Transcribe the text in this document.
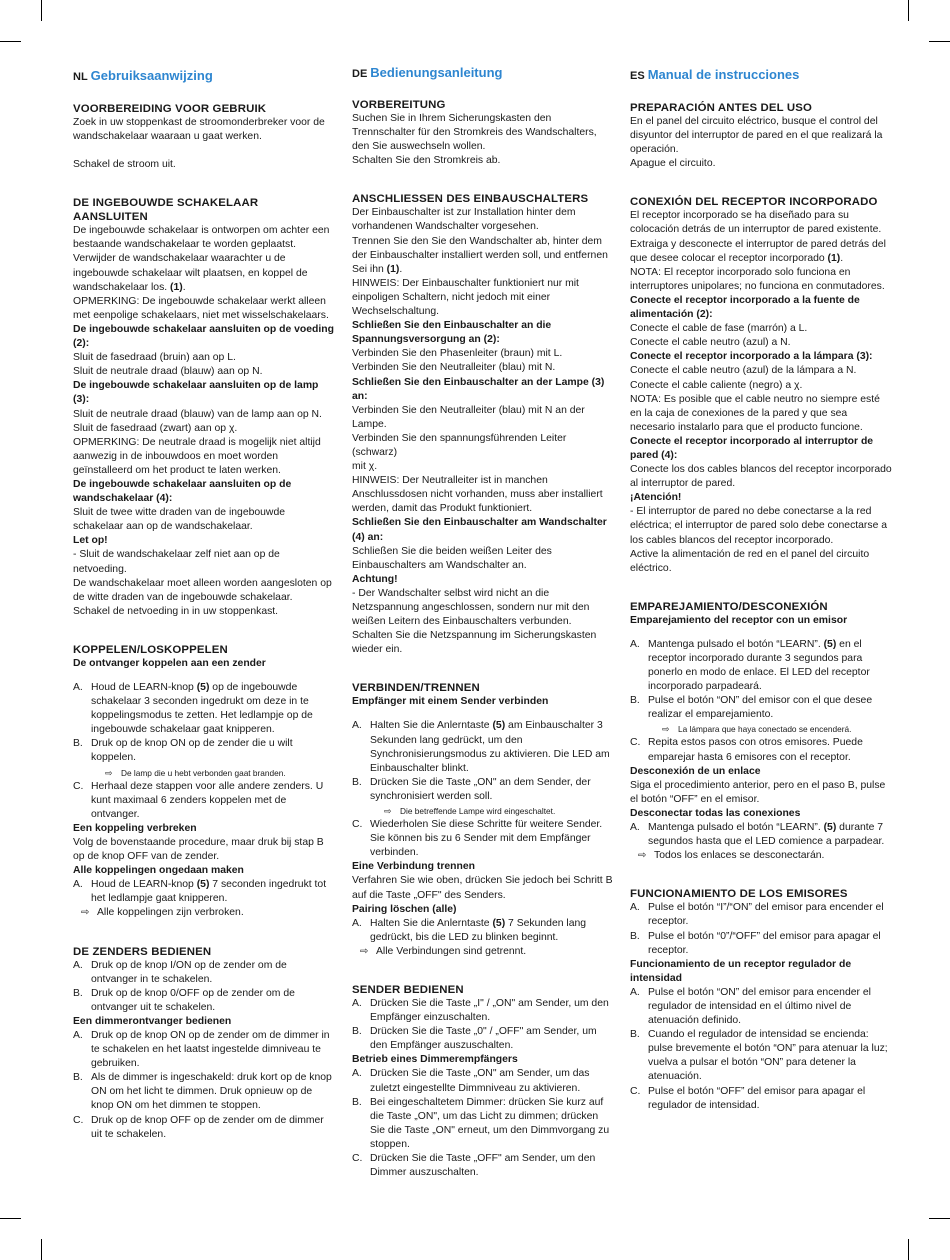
NL Gebruiksaanwijzing

VOORBEREIDING VOOR GEBRUIK

Zoek in uw stoppenkast de stroomonderbreker voor de

wandschakelaar waaraan u gaat werken.

Schakel de stroom uit.

DE INGEBOUWDE SCHAKELAAR AANSLUITEN

De ingebouwde schakelaar is ontworpen om achter een

bestaande wandschakelaar te worden geplaatst.

Verwijder de wandschakelaar waarachter u de

ingebouwde schakelaar wilt plaatsen, en koppel de

wandschakelaar los. (1).

OPMERKING: De ingebouwde schakelaar werkt alleen

met eenpolige schakelaars, niet met wisselschakelaars.

De ingebouwde schakelaar aansluiten op de voeding

(2):

Sluit de fasedraad (bruin) aan op L.

Sluit de neutrale draad (blauw) aan op N.

De ingebouwde schakelaar aansluiten op de lamp

(3):

Sluit de neutrale draad (blauw) van de lamp aan op N.

Sluit de fasedraad (zwart) aan op χ.

OPMERKING: De neutrale draad is mogelijk niet altijd

aanwezig in de inbouwdoos en moet worden

geïnstalleerd om het product te laten werken.

De ingebouwde schakelaar aansluiten op de

wandschakelaar (4):

Sluit de twee witte draden van de ingebouwde

schakelaar aan op de wandschakelaar.

Let op!

- Sluit de wandschakelaar zelf niet aan op de netvoeding.

De wandschakelaar moet alleen worden aangesloten op

de witte draden van de ingebouwde schakelaar.

Schakel de netvoeding in in uw stoppenkast.

KOPPELEN/LOSKOPPELEN

De ontvanger koppelen aan een zender

A. Houd de LEARN-knop (5) op de ingebouwde

schakelaar 3 seconden ingedrukt om deze in te

koppelingsmodus te zetten. Het ledlampje op de

ingebouwde schakelaar gaat knipperen.

B. Druk op de knop ON op de zender die u wilt

koppelen.

⇨ De lamp die u hebt verbonden gaat branden.
C. Herhaal deze stappen voor alle andere zenders. U

kunt maximaal 6 zenders koppelen met de

ontvanger.

Een koppeling verbreken

Volg de bovenstaande procedure, maar druk bij stap B

op de knop OFF van de zender.

Alle koppelingen ongedaan maken

A. Houd de LEARN-knop (5) 7 seconden ingedrukt tot

het ledlampje gaat knipperen.

⇨ Alle koppelingen zijn verbroken.

DE ZENDERS BEDIENEN

A. Druk op de knop I/ON op de zender om de

ontvanger in te schakelen.

B. Druk op de knop 0/OFF op de zender om de

ontvanger uit te schakelen.

Een dimmerontvanger bedienen

A. Druk op de knop ON op de zender om de dimmer in

te schakelen en het laatst ingestelde dimniveau te

gebruiken.

B. Als de dimmer is ingeschakeld: druk kort op de knop

ON om het licht te dimmen. Druk opnieuw op de

knop ON om het dimmen te stoppen.

C. Druk op de knop OFF op de zender om de dimmer

uit te schakelen.

DE Bedienungsanleitung

VORBEREITUNG

Suchen Sie in Ihrem Sicherungskasten den

Trennschalter für den Stromkreis des Wandschalters,

den Sie auswechseln wollen.

Schalten Sie den Stromkreis ab.

ANSCHLIESSEN DES EINBAUSCHALTERS

Der Einbauschalter ist zur Installation hinter dem

vorhandenen Wandschalter vorgesehen.

Trennen Sie den Sie den Wandschalter ab, hinter dem

der Einbauschalter installiert werden soll, und entfernen

Sei ihn (1).

HINWEIS: Der Einbauschalter funktioniert nur mit

einpoligen Schaltern, nicht jedoch mit einer

Wechselschaltung.

Schließen Sie den Einbauschalter an die

Spannungsversorgung an (2):

Verbinden Sie den Phasenleiter (braun) mit L.

Verbinden Sie den Neutralleiter (blau) mit N.

Schließen Sie den Einbauschalter an der Lampe (3)

an:

Verbinden Sie den Neutralleiter (blau) mit N an der

Lampe.

Verbinden Sie den spannungsführenden Leiter (schwarz)

mit χ.

HINWEIS: Der Neutralleiter ist in manchen

Anschlussdosen nicht vorhanden, muss aber installiert

werden, damit das Produkt funktioniert.

Schließen Sie den Einbauschalter am Wandschalter

(4) an:

Schließen Sie die beiden weißen Leiter des

Einbauschalters am Wandschalter an.

Achtung!

- Der Wandschalter selbst wird nicht an die

Netzspannung angeschlossen, sondern nur mit den

weißen Leitern des Einbauschalters verbunden.

Schalten Sie die Netzspannung im Sicherungskasten

wieder ein.

VERBINDEN/TRENNEN

Empfänger mit einem Sender verbinden

A. Halten Sie die Anlerntaste (5) am Einbauschalter 3

Sekunden lang gedrückt, um den

Synchronisierungsmodus zu aktivieren. Die LED am

Einbauschalter blinkt.

B. Drücken Sie die Taste „ON" an dem Sender, der

synchronisiert werden soll.

⇨ Die betreffende Lampe wird eingeschaltet.
C. Wiederholen Sie diese Schritte für weitere Sender.

Sie können bis zu 6 Sender mit dem Empfänger

verbinden.

Eine Verbindung trennen

Verfahren Sie wie oben, drücken Sie jedoch bei Schritt B

auf die Taste „OFF" des Senders.

Pairing löschen (alle)

A. Halten Sie die Anlerntaste (5) 7 Sekunden lang

gedrückt, bis die LED zu blinken beginnt.

⇨ Alle Verbindungen sind getrennt.

SENDER BEDIENEN

A. Drücken Sie die Taste „I" / „ON" am Sender, um den

Empfänger einzuschalten.

B. Drücken Sie die Taste „0" / „OFF" am Sender, um

den Empfänger auszuschalten.

Betrieb eines Dimmerempfängers

A. Drücken Sie die Taste „ON" am Sender, um das

zuletzt eingestellte Dimmniveau zu aktivieren.

B. Bei eingeschaltetem Dimmer: drücken Sie kurz auf

die Taste „ON", um das Licht zu dimmen; drücken

Sie die Taste „ON" erneut, um den Dimmvorgang zu

stoppen.

C. Drücken Sie die Taste „OFF" am Sender, um den

Dimmer auszuschalten.

ES Manual de instrucciones

PREPARACIÓN ANTES DEL USO

En el panel del circuito eléctrico, busque el control del

disyuntor del interruptor de pared en el que realizará la

operación.

Apague el circuito.

CONEXIÓN DEL RECEPTOR INCORPORADO

El receptor incorporado se ha diseñado para su

colocación detrás de un interruptor de pared existente.

Extraiga y desconecte el interruptor de pared detrás del

que desee colocar el receptor incorporado (1).

NOTA: El receptor incorporado solo funciona en

interruptores unipolares; no funciona en conmutadores.

Conecte el receptor incorporado a la fuente de

alimentación (2):

Conecte el cable de fase (marrón) a L.

Conecte el cable neutro (azul) a N.

Conecte el receptor incorporado a la lámpara (3):

Conecte el cable neutro (azul) de la lámpara a N.

Conecte el cable caliente (negro) a χ.

NOTA: Es posible que el cable neutro no siempre esté

en la caja de conexiones de la pared y que sea

necesario instalarlo para que el producto funcione.

Conecte el receptor incorporado al interruptor de

pared (4):

Conecte los dos cables blancos del receptor incorporado

al interruptor de pared.

¡Atención!

- El interruptor de pared no debe conectarse a la red

eléctrica; el interruptor de pared solo debe conectarse a

los cables blancos del receptor incorporado.

Active la alimentación de red en el panel del circuito

eléctrico.

EMPAREJAMIENTO/DESCONEXIÓN

Emparejamiento del receptor con un emisor

A. Mantenga pulsado el botón “LEARN”. (5) en el

receptor incorporado durante 3 segundos para

ponerlo en modo de enlace. El LED del receptor

incorporado parpadeará.

B. Pulse el botón “ON” del emisor con el que desee

realizar el emparejamiento.

⇨ La lámpara que haya conectado se encenderá.
C. Repita estos pasos con otros emisores. Puede

emparejar hasta 6 emisores con el receptor.

Desconexión de un enlace

Siga el procedimiento anterior, pero en el paso B, pulse

el botón “OFF” en el emisor.

Desconectar todas las conexiones

A. Mantenga pulsado el botón “LEARN”. (5) durante 7

segundos hasta que el LED comience a parpadear.

⇨ Todos los enlaces se desconectarán.

FUNCIONAMIENTO DE LOS EMISORES

A. Pulse el botón “I”/“ON” del emisor para encender el

receptor.

B. Pulse el botón “0”/“OFF” del emisor para apagar el

receptor.

Funcionamiento de un receptor regulador de

intensidad

A. Pulse el botón “ON” del emisor para encender el

regulador de intensidad en el último nivel de

atenuación definido.

B. Cuando el regulador de intensidad se encienda:

pulse brevemente el botón “ON” para atenuar la luz;

vuelva a pulsar el botón “ON” para detener la

atenuación.

C. Pulse el botón “OFF” del emisor para apagar el

regulador de intensidad.
